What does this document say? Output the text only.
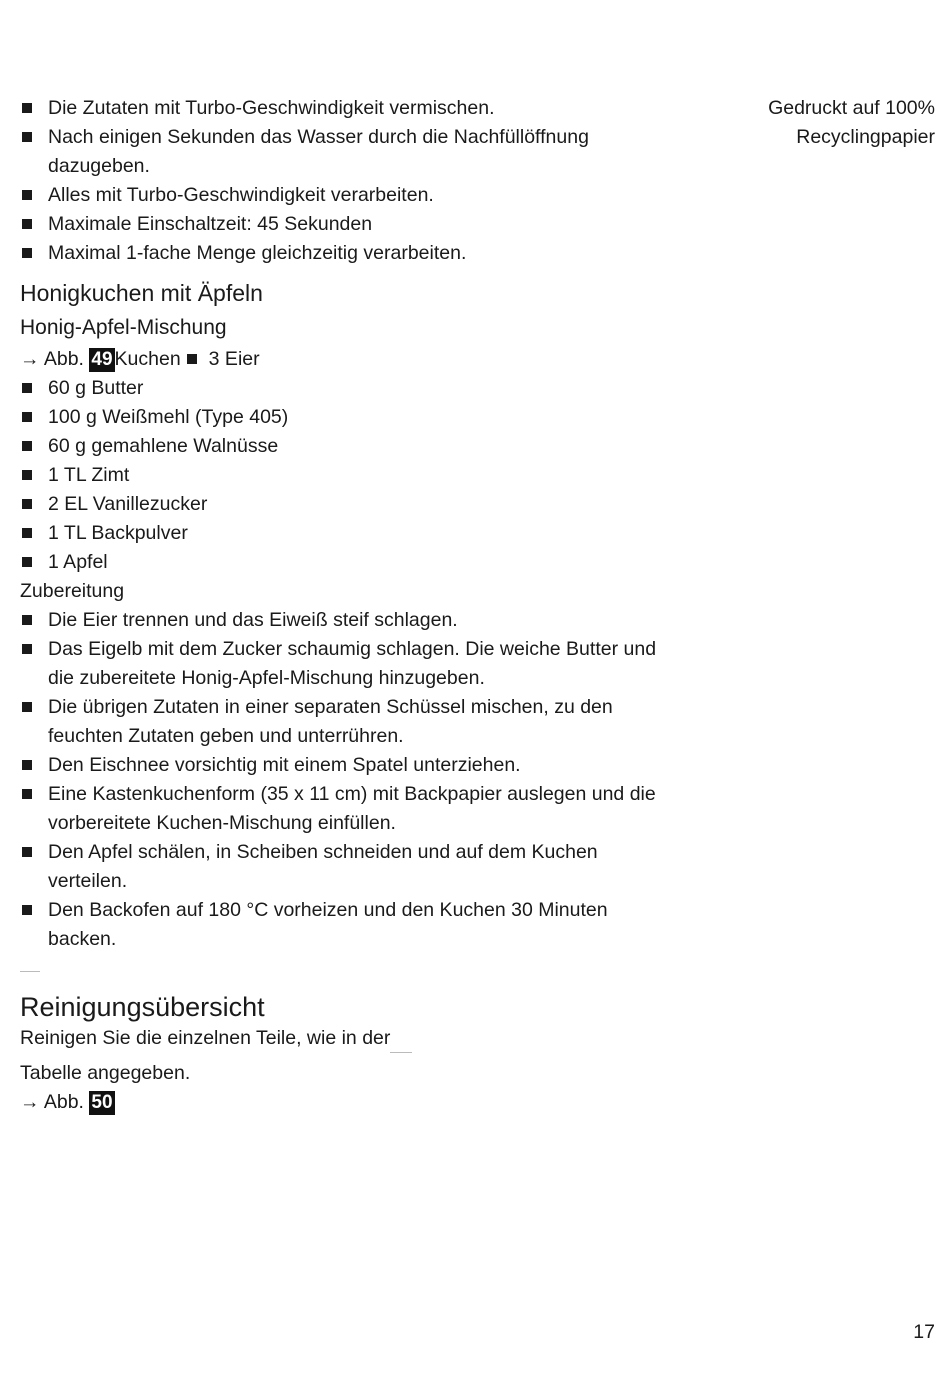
Gedruckt auf 100% Recyclingpapier
Die Zutaten mit Turbo-Geschwindigkeit vermischen.
Nach einigen Sekunden das Wasser durch die Nachfüllöffnung dazugeben.
Alles mit Turbo-Geschwindigkeit verarbeiten.
Maximale Einschaltzeit: 45 Sekunden
Maximal 1-fache Menge gleichzeitig verarbeiten.
Honigkuchen mit Äpfeln
Honig-Apfel-Mischung
→ Abb. 49 Kuchen 3 Eier
60 g Butter
100 g Weißmehl (Type 405)
60 g gemahlene Walnüsse
1 TL Zimt
2 EL Vanillezucker
1 TL Backpulver
1 Apfel
Zubereitung
Die Eier trennen und das Eiweiß steif schlagen.
Das Eigelb mit dem Zucker schaumig schlagen. Die weiche Butter und die zubereitete Honig-Apfel-Mischung hinzugeben.
Die übrigen Zutaten in einer separaten Schüssel mischen, zu den feuchten Zutaten geben und unterrühren.
Den Eischnee vorsichtig mit einem Spatel unterziehen.
Eine Kastenkuchenform (35 x 11 cm) mit Backpapier auslegen und die vorbereitete Kuchen-Mischung einfüllen.
Den Apfel schälen, in Scheiben schneiden und auf dem Kuchen verteilen.
Den Backofen auf 180 °C vorheizen und den Kuchen 30 Minuten backen.
Reinigungsübersicht
Reinigen Sie die einzelnen Teile, wie in der
Tabelle angegeben.
→ Abb. 50
17
